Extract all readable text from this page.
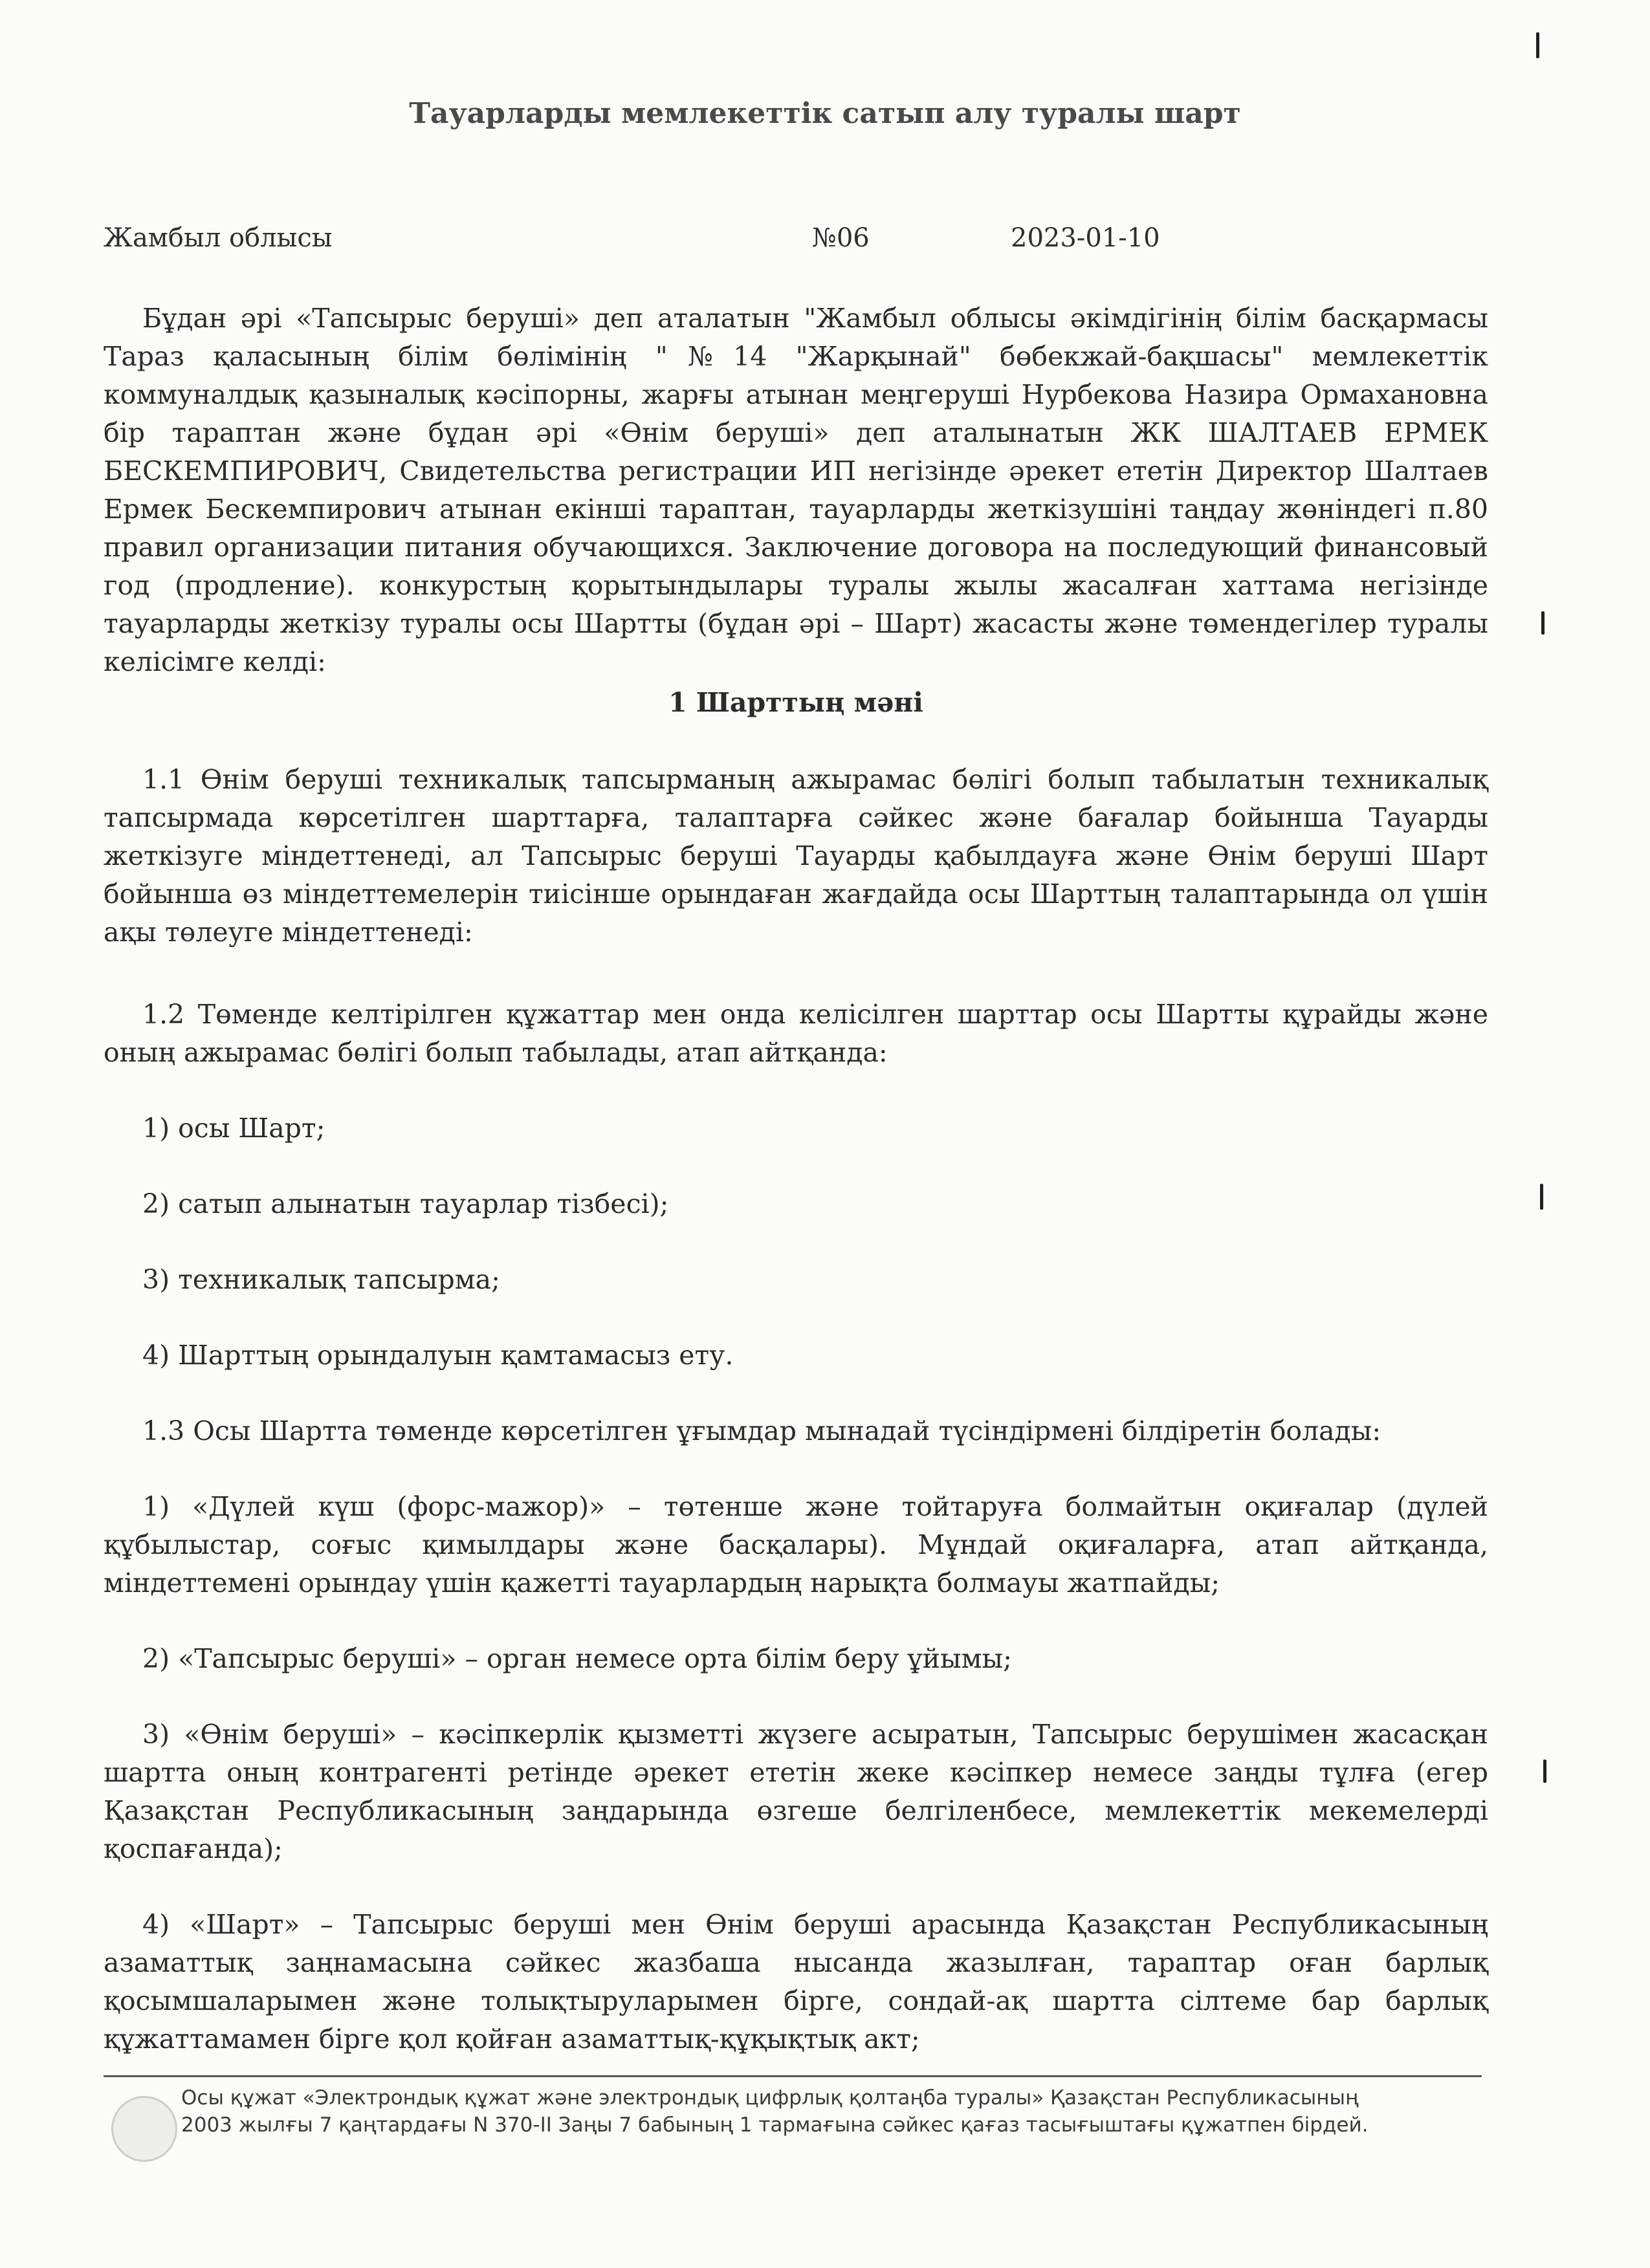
Тауарларды мемлекеттік сатып алу туралы шарт
Жамбыл облысы	№06	2023-01-10

Бұдан әрі «Тапсырыс беруші» деп аталатын "Жамбыл облысы әкімдігінің білім басқармасы Тараз қаласының білім бөлімінің "№14 "Жарқынай" бөбекжай-бақшасы" мемлекеттік коммуналдық қазыналық кәсіпорны, жарғы атынан меңгеруші Нурбекова Назира Ормахановна бір тараптан және бұдан әрі «Өнім беруші» деп аталынатын ЖК ШАЛТАЕВ ЕРМЕК БЕСКЕМПИРОВИЧ, Свидетельства регистрации ИП негізінде әрекет ететін Директор Шалтаев Ермек Бескемпирович атынан екінші тараптан, тауарларды жеткізушіні таңдау жөніндегі п.80 правил организации питания обучающихся. Заключение договора на последующий финансовый год (продление). конкурстың қорытындылары туралы жылы жасалған хаттама негізінде тауарларды жеткізу туралы осы Шартты (бұдан әрі – Шарт) жасасты және төмендегілер туралы келісімге келді:

1 Шарттың мәні

1.1 Өнім беруші техникалық тапсырманың ажырамас бөлігі болып табылатын техникалық тапсырмада көрсетілген шарттарға, талаптарға сәйкес және бағалар бойынша Тауарды жеткізуге міндеттенеді, ал Тапсырыс беруші Тауарды қабылдауға және Өнім беруші Шарт бойынша өз міндеттемелерін тиісінше орындаған жағдайда осы Шарттың талаптарында ол үшін ақы төлеуге міндеттенеді:

1.2 Төменде келтірілген құжаттар мен онда келісілген шарттар осы Шартты құрайды және оның ажырамас бөлігі болып табылады, атап айтқанда:

1) осы Шарт;

2) сатып алынатын тауарлар тізбесі);

3) техникалық тапсырма;

4) Шарттың орындалуын қамтамасыз ету.

1.3 Осы Шартта төменде көрсетілген ұғымдар мынадай түсіндірмені білдіретін болады:

1) «Дүлей күш (форс-мажор)» – төтенше және тойтаруға болмайтын оқиғалар (дүлей құбылыстар, соғыс қимылдары және басқалары). Мұндай оқиғаларға, атап айтқанда, міндеттемені орындау үшін қажетті тауарлардың нарықта болмауы жатпайды;

2) «Тапсырыс беруші» – орган немесе орта білім беру ұйымы;

3) «Өнім беруші» – кәсіпкерлік қызметті жүзеге асыратын, Тапсырыс берушімен жасасқан шартта оның контрагенті ретінде әрекет ететін жеке кәсіпкер немесе заңды тұлға (егер Қазақстан Республикасының заңдарында өзгеше белгіленбесе, мемлекеттік мекемелерді қоспағанда);

4) «Шарт» – Тапсырыс беруші мен Өнім беруші арасында Қазақстан Республикасының азаматтық заңнамасына сәйкес жазбаша нысанда жазылған, тараптар оған барлық қосымшаларымен және толықтыруларымен бірге, сондай-ақ шартта сілтеме бар барлық құжаттамамен бірге қол қойған азаматтық-құқықтық акт;

Осы құжат «Электрондық құжат және электрондық цифрлық қолтаңба туралы» Қазақстан Республикасының 2003 жылғы 7 қаңтардағы N 370-II Заңы 7 бабының 1 тармағына сәйкес қағаз тасығыштағы құжатпен бірдей.
